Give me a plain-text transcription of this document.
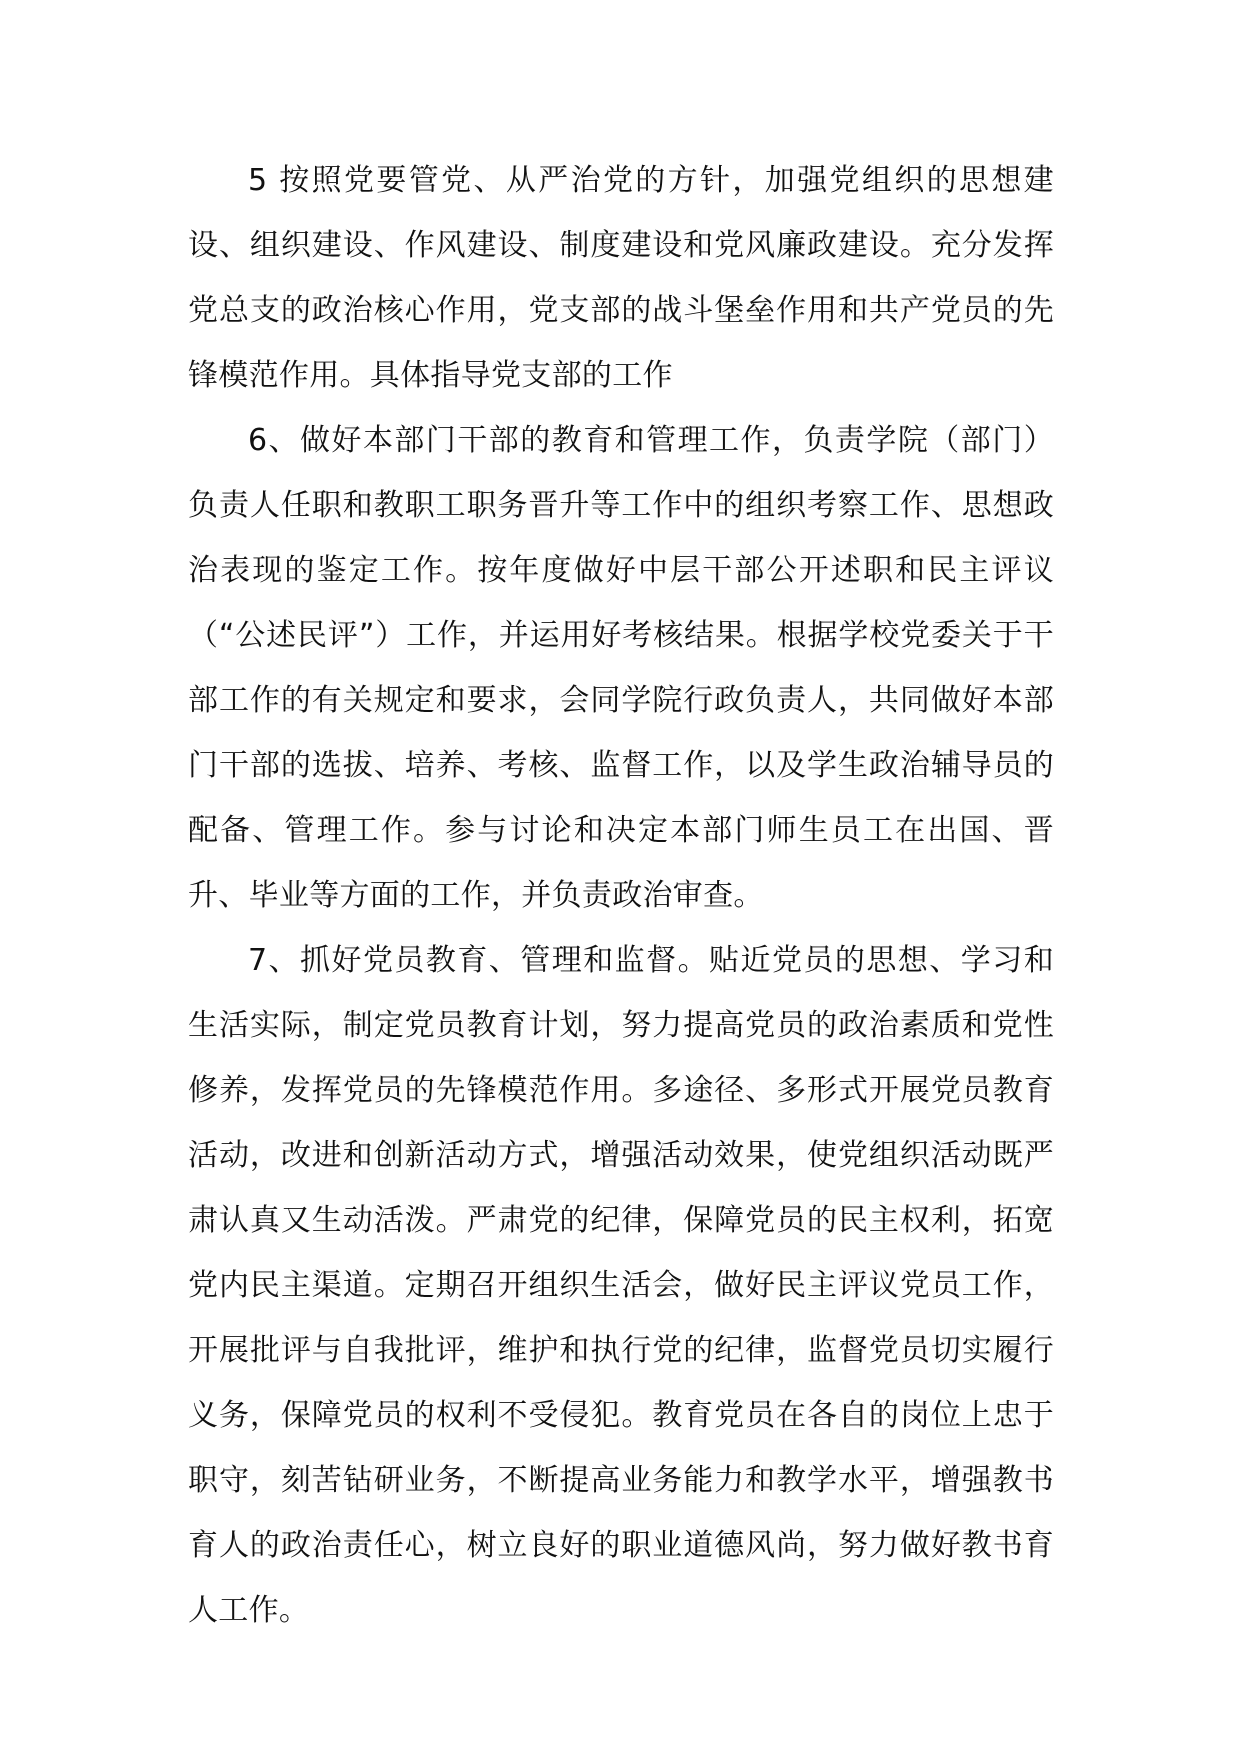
5 按照党要管党、从严治党的方针，加强党组织的思想建设、组织建设、作风建设、制度建设和党风廉政建设。充分发挥党总支的政治核心作用，党支部的战斗堡垒作用和共产党员的先锋模范作用。具体指导党支部的工作

6、做好本部门干部的教育和管理工作，负责学院（部门）负责人任职和教职工职务晋升等工作中的组织考察工作、思想政治表现的鉴定工作。按年度做好中层干部公开述职和民主评议（“公述民评”）工作，并运用好考核结果。根据学校党委关于干部工作的有关规定和要求，会同学院行政负责人，共同做好本部门干部的选拔、培养、考核、监督工作，以及学生政治辅导员的配备、管理工作。参与讨论和决定本部门师生员工在出国、晋升、毕业等方面的工作，并负责政治审查。

7、抓好党员教育、管理和监督。贴近党员的思想、学习和生活实际，制定党员教育计划，努力提高党员的政治素质和党性修养，发挥党员的先锋模范作用。多途径、多形式开展党员教育活动，改进和创新活动方式，增强活动效果，使党组织活动既严肃认真又生动活泼。严肃党的纪律，保障党员的民主权利，拓宽党内民主渠道。定期召开组织生活会，做好民主评议党员工作，开展批评与自我批评，维护和执行党的纪律，监督党员切实履行义务，保障党员的权利不受侵犯。教育党员在各自的岗位上忠于职守，刻苦钻研业务，不断提高业务能力和教学水平，增强教书育人的政治责任心，树立良好的职业道德风尚，努力做好教书育人工作。
